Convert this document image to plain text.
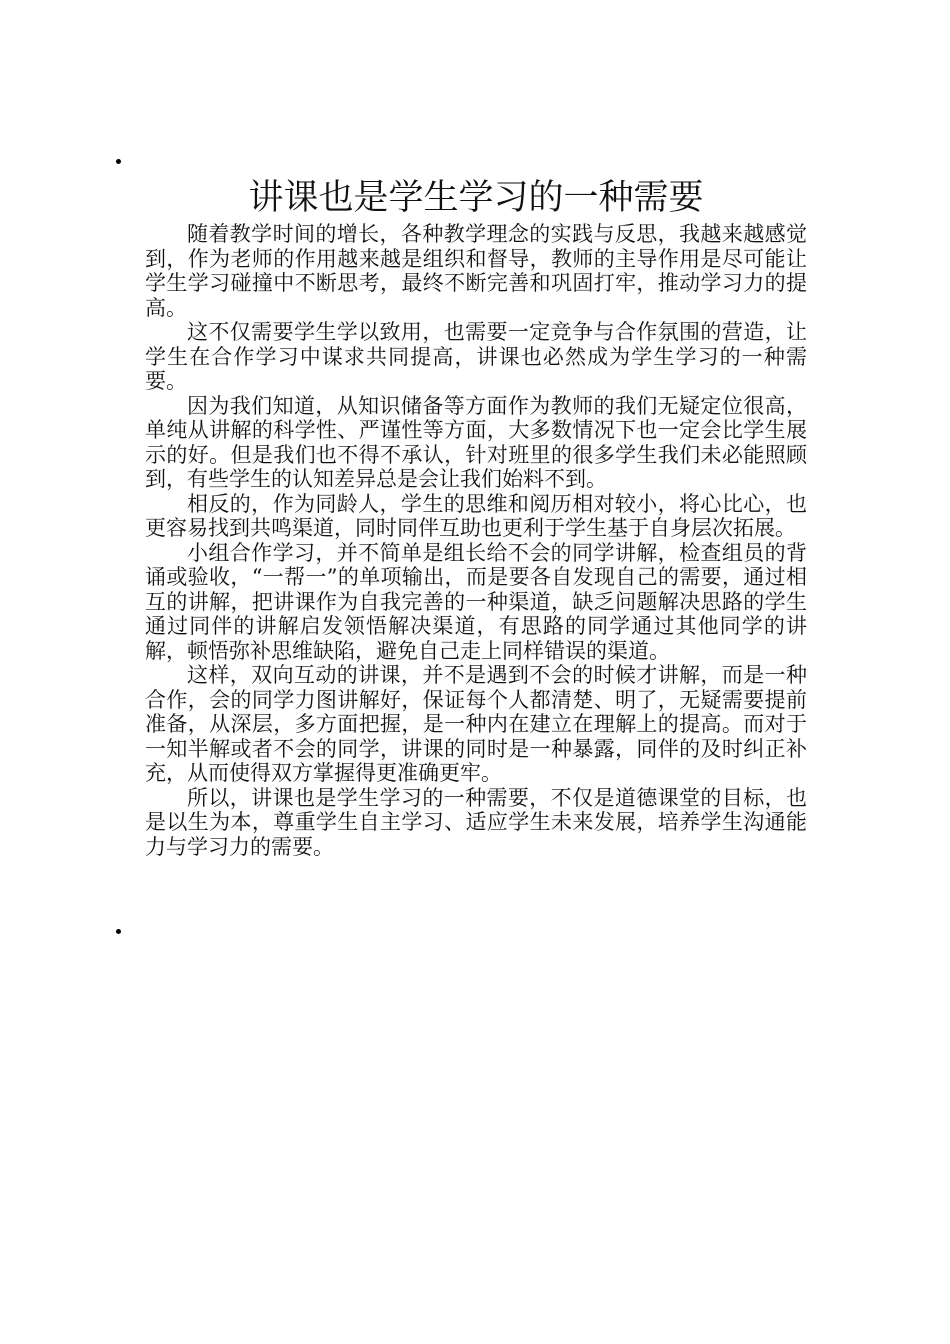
讲课也是学生学习的一种需要

随着教学时间的增长，各种教学理念的实践与反思，我越来越感觉到，作为老师的作用越来越是组织和督导，教师的主导作用是尽可能让学生学习碰撞中不断思考，最终不断完善和巩固打牢，推动学习力的提高。

这不仅需要学生学以致用，也需要一定竞争与合作氛围的营造，让学生在合作学习中谋求共同提高，讲课也必然成为学生学习的一种需要。

因为我们知道，从知识储备等方面作为教师的我们无疑定位很高，单纯从讲解的科学性、严谨性等方面，大多数情况下也一定会比学生展示的好。但是我们也不得不承认，针对班里的很多学生我们未必能照顾到，有些学生的认知差异总是会让我们始料不到。

相反的，作为同龄人，学生的思维和阅历相对较小，将心比心，也更容易找到共鸣渠道，同时同伴互助也更利于学生基于自身层次拓展。

小组合作学习，并不简单是组长给不会的同学讲解，检查组员的背诵或验收，“一帮一”的单项输出，而是要各自发现自己的需要，通过相互的讲解，把讲课作为自我完善的一种渠道，缺乏问题解决思路的学生通过同伴的讲解启发领悟解决渠道，有思路的同学通过其他同学的讲解，顿悟弥补思维缺陷，避免自己走上同样错误的渠道。

这样，双向互动的讲课，并不是遇到不会的时候才讲解，而是一种合作，会的同学力图讲解好，保证每个人都清楚、明了，无疑需要提前准备，从深层，多方面把握，是一种内在建立在理解上的提高。而对于一知半解或者不会的同学，讲课的同时是一种暴露，同伴的及时纠正补充，从而使得双方掌握得更准确更牢。

所以，讲课也是学生学习的一种需要，不仅是道德课堂的目标，也是以生为本，尊重学生自主学习、适应学生未来发展，培养学生沟通能力与学习力的需要。
